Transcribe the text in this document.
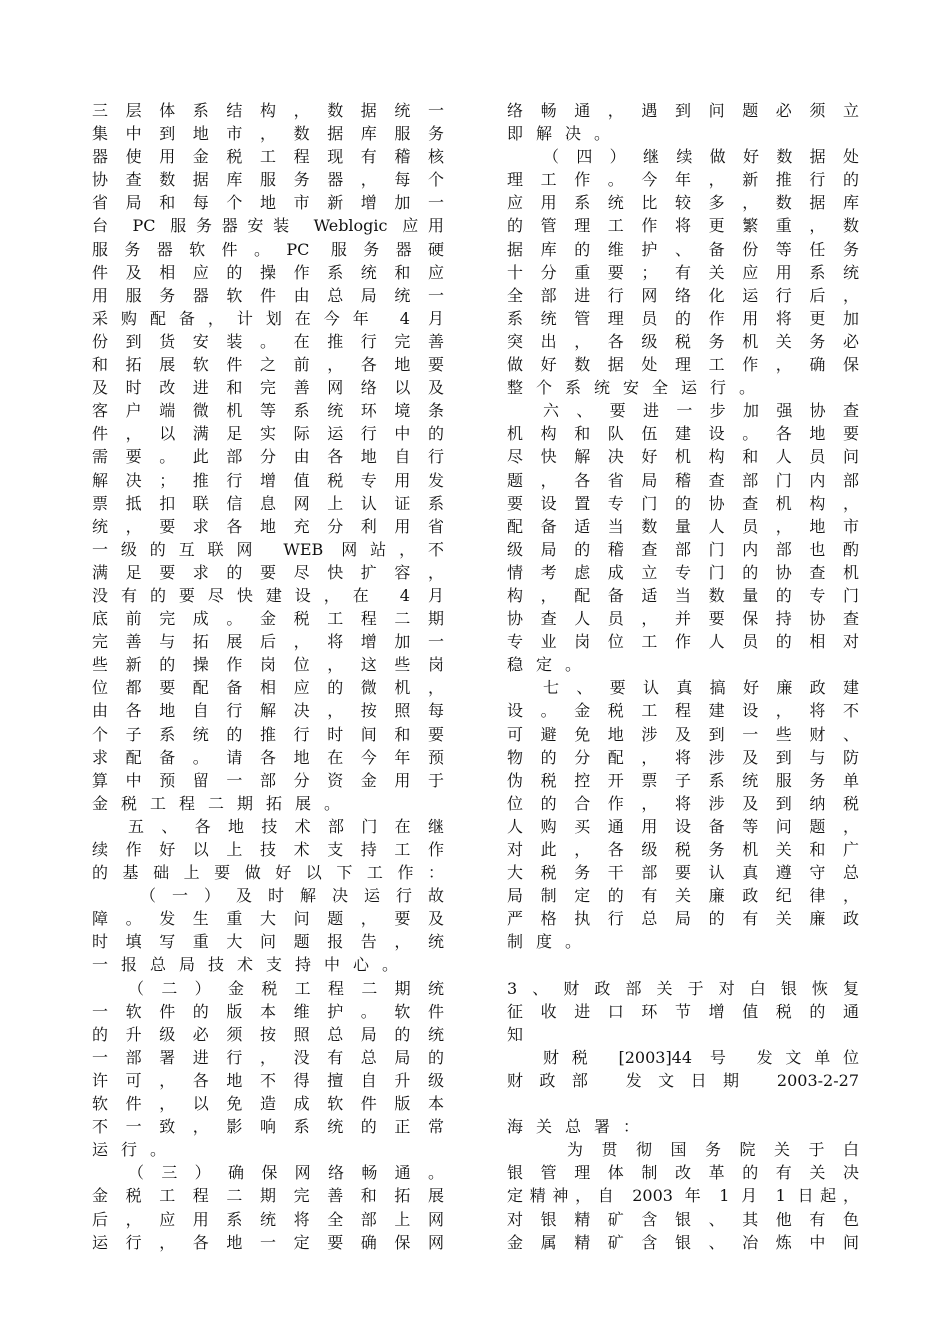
三层体系结构，数据统一
集中到地市，数据库服务
器使用金税工程现有稽核
协查数据库服务器，每个
省局和每个地市新增加一
台 PC 服务器安装 Weblogic 应用
服务器软件。PC 服务器硬
件及相应的操作系统和应
用服务器软件由总局统一
采购配备，计划在今年 4 月
份到货安装。在推行完善
和拓展软件之前，各地要
及时改进和完善网络以及
客户端微机等系统环境条
件，以满足实际运行中的
需要。此部分由各地自行
解决；推行增值税专用发
票抵扣联信息网上认证系
统，要求各地充分利用省
一级的互联网 WEB 网站，不
满足要求的要尽快扩容，
没有的要尽快建设，在 4 月
底前完成。金税工程二期
完善与拓展后，将增加一
些新的操作岗位，这些岗
位都要配备相应的微机，
由各地自行解决，按照每
个子系统的推行时间和要
求配备。请各地在今年预
算中预留一部分资金用于
金税工程二期拓展。
五、各地技术部门在继
续作好以上技术支持工作
的基础上要做好以下工作：
（一）及时解决运行故
障。发生重大问题，要及
时填写重大问题报告，统
一报总局技术支持中心。
（二）金税工程二期统
一软件的版本维护。软件
的升级必须按照总局的统
一部署进行，没有总局的
许可，各地不得擅自升级
软件，以免造成软件版本
不一致，影响系统的正常
运行。
（三）确保网络畅通。
金税工程二期完善和拓展
后，应用系统将全部上网
运行，各地一定要确保网
络畅通，遇到问题必须立
即解决。
（四）继续做好数据处
理工作。今年，新推行的
应用系统比较多，数据库
的管理工作将更繁重，数
据库的维护、备份等任务
十分重要；有关应用系统
全部进行网络化运行后，
系统管理员的作用将更加
突出，各级税务机关务必
做好数据处理工作，确保
整个系统安全运行。
六、要进一步加强协查
机构和队伍建设。各地要
尽快解决好机构和人员问
题，各省局稽查部门内部
要设置专门的协查机构，
配备适当数量人员，地市
级局的稽查部门内部也酌
情考虑成立专门的协查机
构，配备适当数量的专门
协查人员，并要保持协查
专业岗位工作人员的相对
稳定。
七、要认真搞好廉政建
设。金税工程建设，将不
可避免地涉及到一些财、
物的分配，将涉及到与防
伪税控开票子系统服务单
位的合作，将涉及到纳税
人购买通用设备等问题，
对此，各级税务机关和广
大税务干部要认真遵守总
局制定的有关廉政纪律，
严格执行总局的有关廉政
制度。
3、财政部关于对白银恢复
征收进口环节增值税的通
知
财税 [2003]44 号 发文单位
财政部 发文日期 2003-2-27
海关总署：
为贯彻国务院关于白
银管理体制改革的有关决
定精神，自 2003 年 1 月 1 日起，
对银精矿含银、其他有色
金属精矿含银、冶炼中间
